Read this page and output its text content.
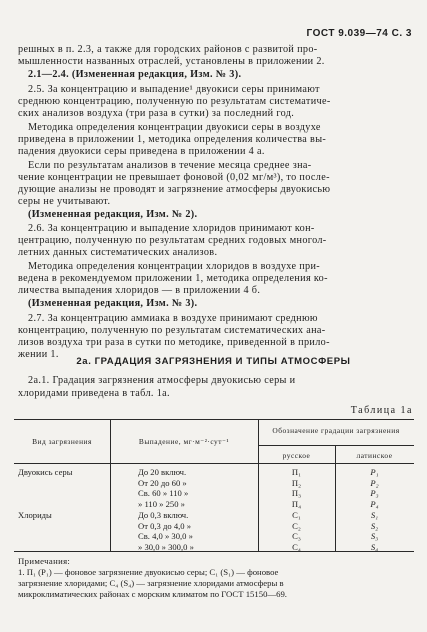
ГОСТ 9.039—74 С. 3
решных в п. 2.3, а также для городских районов с развитой про-
мышленности названных отраслей, установлены в приложении 2.
2.1—2.4. (Измененная редакция, Изм. № 3).
2.5. За концентрацию и выпадение¹ двуокиси серы принимают
среднюю концентрацию, полученную по результатам систематиче-
ских анализов воздуха (три раза в сутки) за последний год.
Методика определения концентрации двуокиси серы в воздухе
приведена в приложении 1, методика определения количества вы-
падения двуокиси серы приведена в приложении 4 а.
Если по результатам анализов в течение месяца среднее зна-
чение концентрации не превышает фоновой (0,02 мг/м³), то после-
дующие анализы не проводят и загрязнение атмосферы двуокисью
серы не учитывают.
(Измененная редакция, Изм. № 2).
2.6. За концентрацию и выпадение хлоридов принимают кон-
центрацию, полученную по результатам средних годовых многол-
летних данных систематических анализов.
Методика определения концентрации хлоридов в воздухе при-
ведена в рекомендуемом приложении 1, методика определения ко-
личества выпадения хлоридов — в приложении 4 б.
(Измененная редакция, Изм. № 3).
2.7. За концентрацию аммиака в воздухе принимают среднюю
концентрацию, полученную по результатам систематических ана-
лизов воздуха три раза в сутки по методике, приведенной в прило-
жении 1.
2а. ГРАДАЦИЯ ЗАГРЯЗНЕНИЯ И ТИПЫ АТМОСФЕРЫ
2а.1. Градация загрязнения атмосферы двуокисью серы и
хлоридами приведена в табл. 1а.
Таблица 1а
Вид загрязнения	Выпадение, мг·м⁻²·сут⁻¹
Обозначение градации загрязнения
русское	латинское
Двуокись серы	До 20 включ.	П₁	P₁
От 20 до 60 »	П₂	P₂
Св. 60 » 110 »	П₃	P₃
» 110 » 250 »	П₄	P₄
Хлориды	До 0,3 включ.	С₁	S₁
От 0,3 до 4,0 »	С₂	S₂
Св. 4,0 » 30,0 »	С₃	S₃
» 30,0 » 300,0 »	С₄	S₄
Примечания:
1. П₁ (P₁) — фоновое загрязнение двуокисью серы; С₁ (S₁) — фоновое
загрязнение хлоридами; С₄ (S₄) — загрязнение хлоридами атмосферы в
микроклиматических районах с морским климатом по ГОСТ 15150—69.
